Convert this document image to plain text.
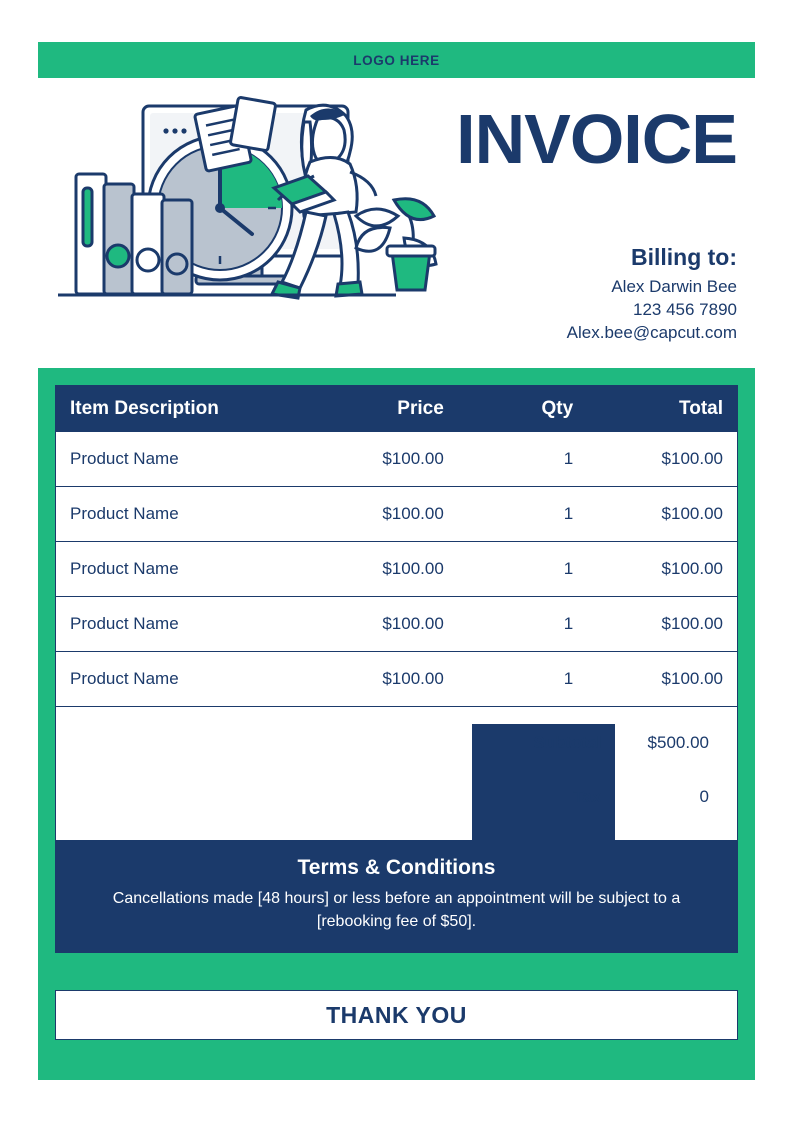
LOGO HERE
INVOICE
Billing to:
Alex Darwin Bee
123 456 7890
Alex.bee@capcut.com
Item Description	Price	Qty	Total
Product Name	$100.00	1	$100.00
Product Name	$100.00	1	$100.00
Product Name	$100.00	1	$100.00
Product Name	$100.00	1	$100.00
Product Name	$100.00	1	$100.00

Subtotal	$500.00
Tax	0

Terms & Conditions
Cancellations made [48 hours] or less before an appointment will be subject to a [rebooking fee of $50].
THANK YOU
